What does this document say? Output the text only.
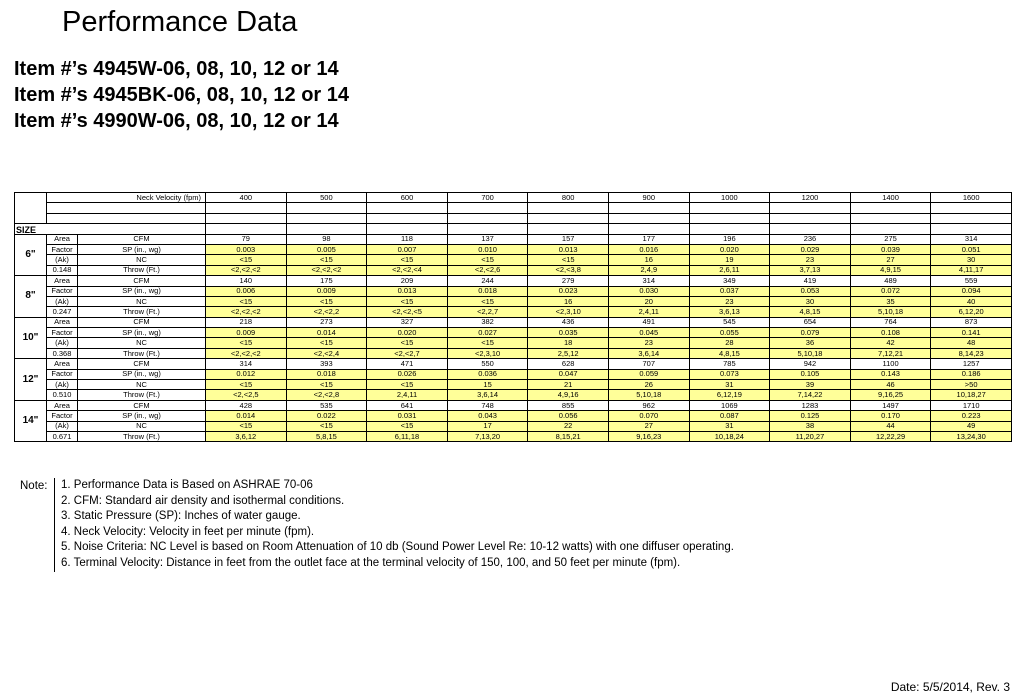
Performance Data
Item #’s 4945W-06, 08, 10, 12 or 14
Item #’s 4945BK-06, 08, 10, 12 or 14
Item #’s 4990W-06, 08, 10, 12 or 14
	Neck Velocity (fpm)		400	500	600	700	800	900	1000	1200	1400	1600

SIZE												
6"	Area	CFM	79	98	118	137	157	177	196	236	275	314
	Factor	SP (in., wg)	0.003	0.005	0.007	0.010	0.013	0.016	0.020	0.029	0.039	0.051
	(Ak)	NC	<15	<15	<15	<15	<15	16	19	23	27	30
	0.148	Throw (Ft.)	<2,<2,<2	<2,<2,<2	<2,<2,<4	<2,<2,6	<2,<3,8	2,4,9	2,6,11	3,7,13	4,9,15	4,11,17
8"	Area	CFM	140	175	209	244	279	314	349	419	489	559
	Factor	SP (in., wg)	0.006	0.009	0.013	0.018	0.023	0.030	0.037	0.053	0.072	0.094
	(Ak)	NC	<15	<15	<15	<15	16	20	23	30	35	40
	0.247	Throw (Ft.)	<2,<2,<2	<2,<2,2	<2,<2,<5	<2,2,7	<2,3,10	2,4,11	3,6,13	4,8,15	5,10,18	6,12,20
10"	Area	CFM	218	273	327	382	436	491	545	654	764	873
	Factor	SP (in., wg)	0.009	0.014	0.020	0.027	0.035	0.045	0.055	0.079	0.108	0.141
	(Ak)	NC	<15	<15	<15	<15	18	23	28	36	42	48
	0.368	Throw (Ft.)	<2,<2,<2	<2,<2,4	<2,<2,7	<2,3,10	2,5,12	3,6,14	4,8,15	5,10,18	7,12,21	8,14,23
12"	Area	CFM	314	393	471	550	628	707	785	942	1100	1257
	Factor	SP (in., wg)	0.012	0.018	0.026	0.036	0.047	0.059	0.073	0.105	0.143	0.186
	(Ak)	NC	<15	<15	<15	15	21	26	31	39	46	>50
	0.510	Throw (Ft.)	<2,<2,5	<2,<2,8	2,4,11	3,6,14	4,9,16	5,10,18	6,12,19	7,14,22	9,16,25	10,18,27
14"	Area	CFM	428	535	641	748	855	962	1069	1283	1497	1710
	Factor	SP (in., wg)	0.014	0.022	0.031	0.043	0.056	0.070	0.087	0.125	0.170	0.223
	(Ak)	NC	<15	<15	<15	17	22	27	31	38	44	49
	0.671	Throw (Ft.)	3,6,12	5,8,15	6,11,18	7,13,20	8,15,21	9,16,23	10,18,24	11,20,27	12,22,29	13,24,30
Note:	1. Performance Data is Based on ASHRAE 70-06
2. CFM: Standard air density and isothermal conditions.
3. Static Pressure (SP): Inches of water gauge.
4. Neck Velocity: Velocity in feet per minute (fpm).
5. Noise Criteria: NC Level is based on Room Attenuation of 10 db (Sound Power Level Re: 10-12 watts) with one diffuser operating.
6. Terminal Velocity: Distance in feet from the outlet face at the terminal velocity of 150, 100, and 50 feet per minute (fpm).
Date: 5/5/2014, Rev. 3
